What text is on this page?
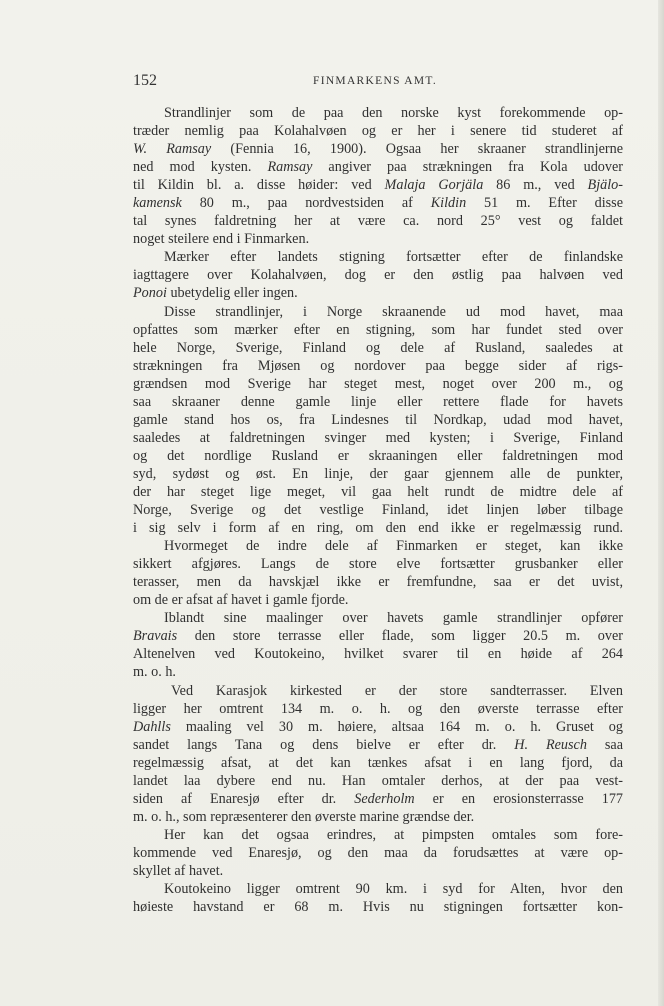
152	FINMARKENS AMT.
Strandlinjer som de paa den norske kyst forekommende op-
træder nemlig paa Kolahalvøen og er her i senere tid studeret af
W. Ramsay (Fennia 16, 1900). Ogsaa her skraaner strandlinjerne
ned mod kysten. Ramsay angiver paa strækningen fra Kola udover
til Kildin bl. a. disse høider: ved Malaja Gorjäla 86 m., ved Bjälo-
kamensk 80 m., paa nordvestsiden af Kildin 51 m. Efter disse
tal synes faldretning her at være ca. nord 25° vest og faldet
noget steilere end i Finmarken.
Mærker efter landets stigning fortsætter efter de finlandske
iagttagere over Kolahalvøen, dog er den østlig paa halvøen ved
Ponoi ubetydelig eller ingen.
Disse strandlinjer, i Norge skraanende ud mod havet, maa
opfattes som mærker efter en stigning, som har fundet sted over
hele Norge, Sverige, Finland og dele af Rusland, saaledes at
strækningen fra Mjøsen og nordover paa begge sider af rigs-
grændsen mod Sverige har steget mest, noget over 200 m., og
saa skraaner denne gamle linje eller rettere flade for havets
gamle stand hos os, fra Lindesnes til Nordkap, udad mod havet,
saaledes at faldretningen svinger med kysten; i Sverige, Finland
og det nordlige Rusland er skraaningen eller faldretningen mod
syd, sydøst og øst. En linje, der gaar gjennem alle de punkter,
der har steget lige meget, vil gaa helt rundt de midtre dele af
Norge, Sverige og det vestlige Finland, idet linjen løber tilbage
i sig selv i form af en ring, om den end ikke er regelmæssig rund.
Hvormeget de indre dele af Finmarken er steget, kan ikke
sikkert afgjøres. Langs de store elve fortsætter grusbanker eller
terasser, men da havskjæl ikke er fremfundne, saa er det uvist,
om de er afsat af havet i gamle fjorde.
Iblandt sine maalinger over havets gamle strandlinjer opfører
Bravais den store terrasse eller flade, som ligger 20.5 m. over
Altenelven ved Koutokeino, hvilket svarer til en høide af 264
m. o. h.
Ved Karasjok kirkested er der store sandterrasser. Elven
ligger her omtrent 134 m. o. h. og den øverste terrasse efter
Dahlls maaling vel 30 m. høiere, altsaa 164 m. o. h. Gruset og
sandet langs Tana og dens bielve er efter dr. H. Reusch saa
regelmæssig afsat, at det kan tænkes afsat i en lang fjord, da
landet laa dybere end nu. Han omtaler derhos, at der paa vest-
siden af Enaresjø efter dr. Sederholm er en erosionsterrasse 177
m. o. h., som repræsenterer den øverste marine grændse der.
Her kan det ogsaa erindres, at pimpsten omtales som fore-
kommende ved Enaresjø, og den maa da forudsættes at være op-
skyllet af havet.
Koutokeino ligger omtrent 90 km. i syd for Alten, hvor den
høieste havstand er 68 m. Hvis nu stigningen fortsætter kon-
